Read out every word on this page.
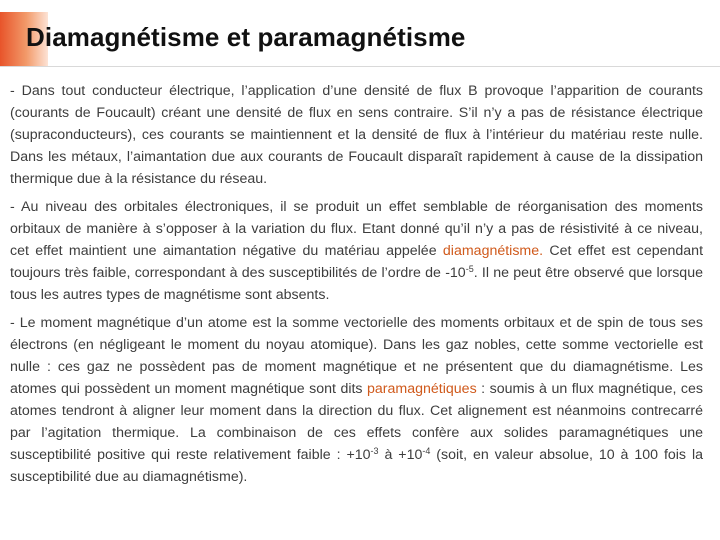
Diamagnétisme et paramagnétisme

- Dans tout conducteur électrique, l’application d’une densité de flux B provoque l’apparition de courants (courants de Foucault) créant une densité de flux en sens contraire. S’il n’y a pas de résistance électrique (supraconducteurs), ces courants se maintiennent et la densité de flux à l’intérieur du matériau reste nulle. Dans les métaux, l’aimantation due aux courants de Foucault disparaît rapidement à cause de la dissipation thermique due à la résistance du réseau.

- Au niveau des orbitales électroniques, il se produit un effet semblable de réorganisation des moments orbitaux de manière à s’opposer à la variation du flux. Etant donné qu’il n’y a pas de résistivité à ce niveau, cet effet maintient une aimantation négative du matériau appelée diamagnétisme. Cet effet est cependant toujours très faible, correspondant à des susceptibilités de l’ordre de $-10^{-5}$. Il ne peut être observé que lorsque tous les autres types de magnétisme sont absents.

- Le moment magnétique d’un atome est la somme vectorielle des moments orbitaux et de spin de tous ses électrons (en négligeant le moment du noyau atomique). Dans les gaz nobles, cette somme vectorielle est nulle : ces gaz ne possèdent pas de moment magnétique et ne présentent que du diamagnétisme. Les atomes qui possèdent un moment magnétique sont dits paramagnétiques : soumis à un flux magnétique, ces atomes tendront à aligner leur moment dans la direction du flux. Cet alignement est néanmoins contrecarré par l’agitation thermique. La combinaison de ces effets confère aux solides paramagnétiques une susceptibilité positive qui reste relativement faible : $+10^{-3}$ à $+10^{-4}$ (soit, en valeur absolue, 10 à 100 fois la susceptibilité due au diamagnétisme).
